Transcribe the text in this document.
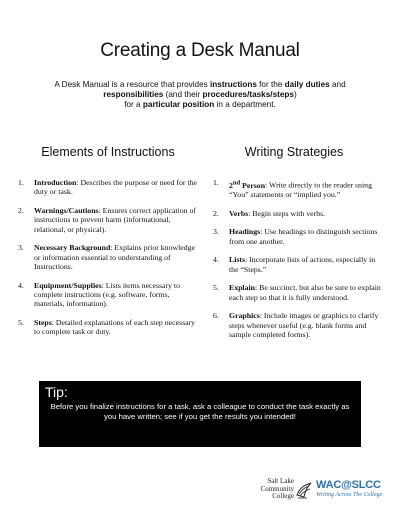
Creating a Desk Manual
A Desk Manual is a resource that provides instructions for the daily duties and
responsibilities (and their procedures/tasks/steps)
for a particular position in a department.
Elements of Instructions	Writing Strategies
1. Introduction: Describes the purpose or need for the duty or task.
2. Warnings/Cautions: Ensures correct application of instructions to prevent harm (informational, relational, or physical).
3. Necessary Background: Explains prior knowledge or information essential to understanding of Instructions.
4. Equipment/Supplies: Lists items necessary to complete instructions (e.g. software, forms, materials, information).
5. Steps: Detailed explanations of each step necessary to complete task or duty.
1. 2nd Person: Write directly to the reader using “You” statements or “implied you.”
2. Verbs: Begin steps with verbs.
3. Headings: Use headings to distinguish sections from one another.
4. Lists: Incorporate lists of actions, especially in the “Steps.”
5. Explain: Be succinct, but also be sure to explain each step so that it is fully understood.
6. Graphics: Include images or graphics to clarify steps whenever useful (e.g. blank forms and sample completed forms).
Tip:
Before you finalize instructions for a task, ask a colleague to conduct the task exactly as you have written; see if you get the results you intended!
Salt Lake
Community
College
WAC@SLCC
Writing Across The College
